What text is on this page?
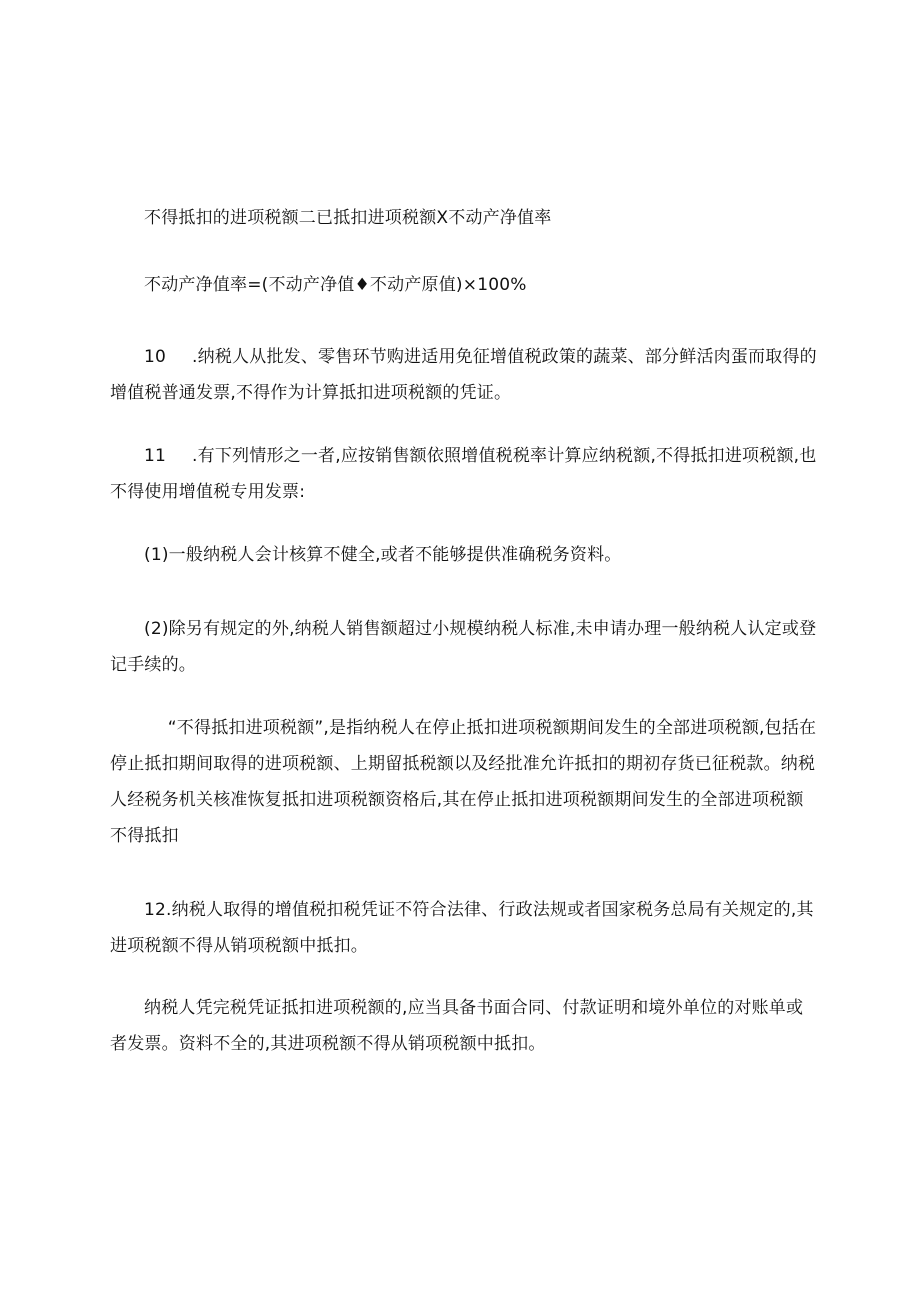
不得抵扣的进项税额二已抵扣进项税额X不动产净值率

不动产净值率=(不动产净值♦不动产原值)×100%

10 .纳税人从批发、零售环节购进适用免征增值税政策的蔬菜、部分鲜活肉蛋而取得的增值税普通发票,不得作为计算抵扣进项税额的凭证。

11 .有下列情形之一者,应按销售额依照增值税税率计算应纳税额,不得抵扣进项税额,也不得使用增值税专用发票:

(1)一般纳税人会计核算不健全,或者不能够提供准确税务资料。

(2)除另有规定的外,纳税人销售额超过小规模纳税人标准,未申请办理一般纳税人认定或登记手续的。

“不得抵扣进项税额”,是指纳税人在停止抵扣进项税额期间发生的全部进项税额,包括在停止抵扣期间取得的进项税额、上期留抵税额以及经批准允许抵扣的期初存货已征税款。纳税人经税务机关核准恢复抵扣进项税额资格后,其在停止抵扣进项税额期间发生的全部进项税额不得抵扣

12.纳税人取得的增值税扣税凭证不符合法律、行政法规或者国家税务总局有关规定的,其进项税额不得从销项税额中抵扣。

纳税人凭完税凭证抵扣进项税额的,应当具备书面合同、付款证明和境外单位的对账单或者发票。资料不全的,其进项税额不得从销项税额中抵扣。
